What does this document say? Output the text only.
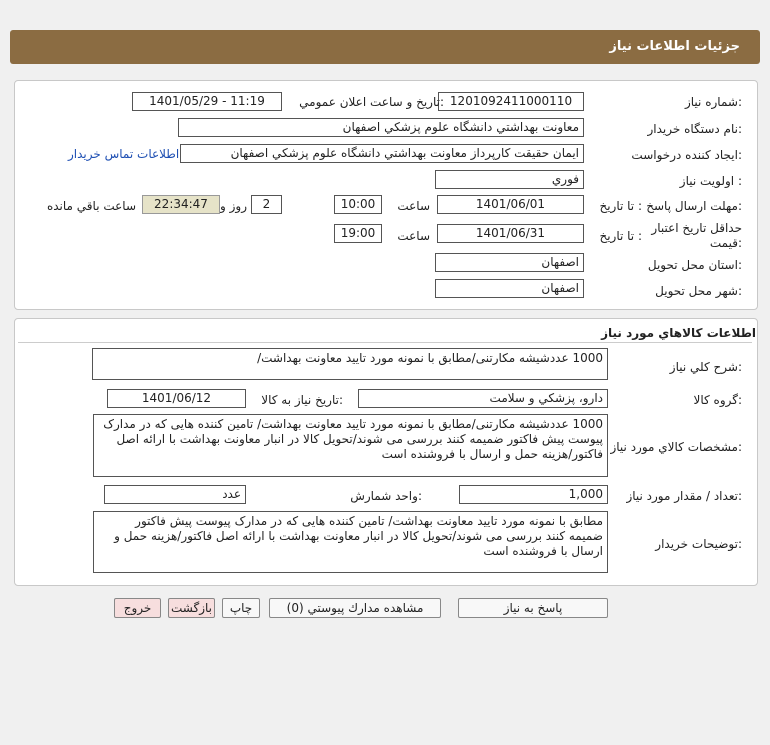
جزئيات اطلاعات نياز
شماره نياز:
1201092411000110
تاريخ و ساعت اعلان عمومي:
1401/05/29 - 11:19
نام دستگاه خريدار:
معاونت بهداشتي دانشگاه علوم پزشكي اصفهان
ايجاد كننده درخواست:
ايمان حقيقت كارپرداز معاونت بهداشتي دانشگاه علوم پزشكي اصفهان
اطلاعات تماس خريدار
اولويت نياز :
فوري
مهلت ارسال پاسخ:
تا تاريخ :
1401/06/01
ساعت
10:00
2
روز و
22:34:47
ساعت باقي مانده
حداقل تاريخ اعتبار
قيمت:
تا تاريخ :
1401/06/31
ساعت
19:00
استان محل تحويل:
اصفهان
شهر محل تحويل:
اصفهان
اطلاعات كالاهاي مورد نياز
شرح كلي نياز:
1000 عددشیشه مکارتنی/مطابق با نمونه مورد تایید معاونت بهداشت/
گروه كالا:
دارو، پزشكي و سلامت
تاريخ نياز به كالا:
1401/06/12
مشخصات كالاي مورد نياز:
1000 عددشیشه مکارتنی/مطابق با نمونه مورد تایید معاونت بهداشت/ تامین کننده هایی که در مدارک پیوست پیش فاکتور ضمیمه کنند بررسی می شوند/تحویل کالا در انبار معاونت بهداشت با ارائه اصل فاکتور/هزینه حمل و ارسال با فروشنده است
تعداد / مقدار مورد نياز:
1,000
واحد شمارش:
عدد
توضيحات خريدار:
مطابق با نمونه مورد تایید معاونت بهداشت/ تامین کننده هایی که در مدارک پیوست پیش فاکتور ضمیمه کنند بررسی می شوند/تحویل کالا در انبار معاونت بهداشت با ارائه اصل فاکتور/هزینه حمل و ارسال با فروشنده است
پاسخ به نياز
مشاهده مدارك پيوستي (0)
چاپ
بازگشت
خروج
